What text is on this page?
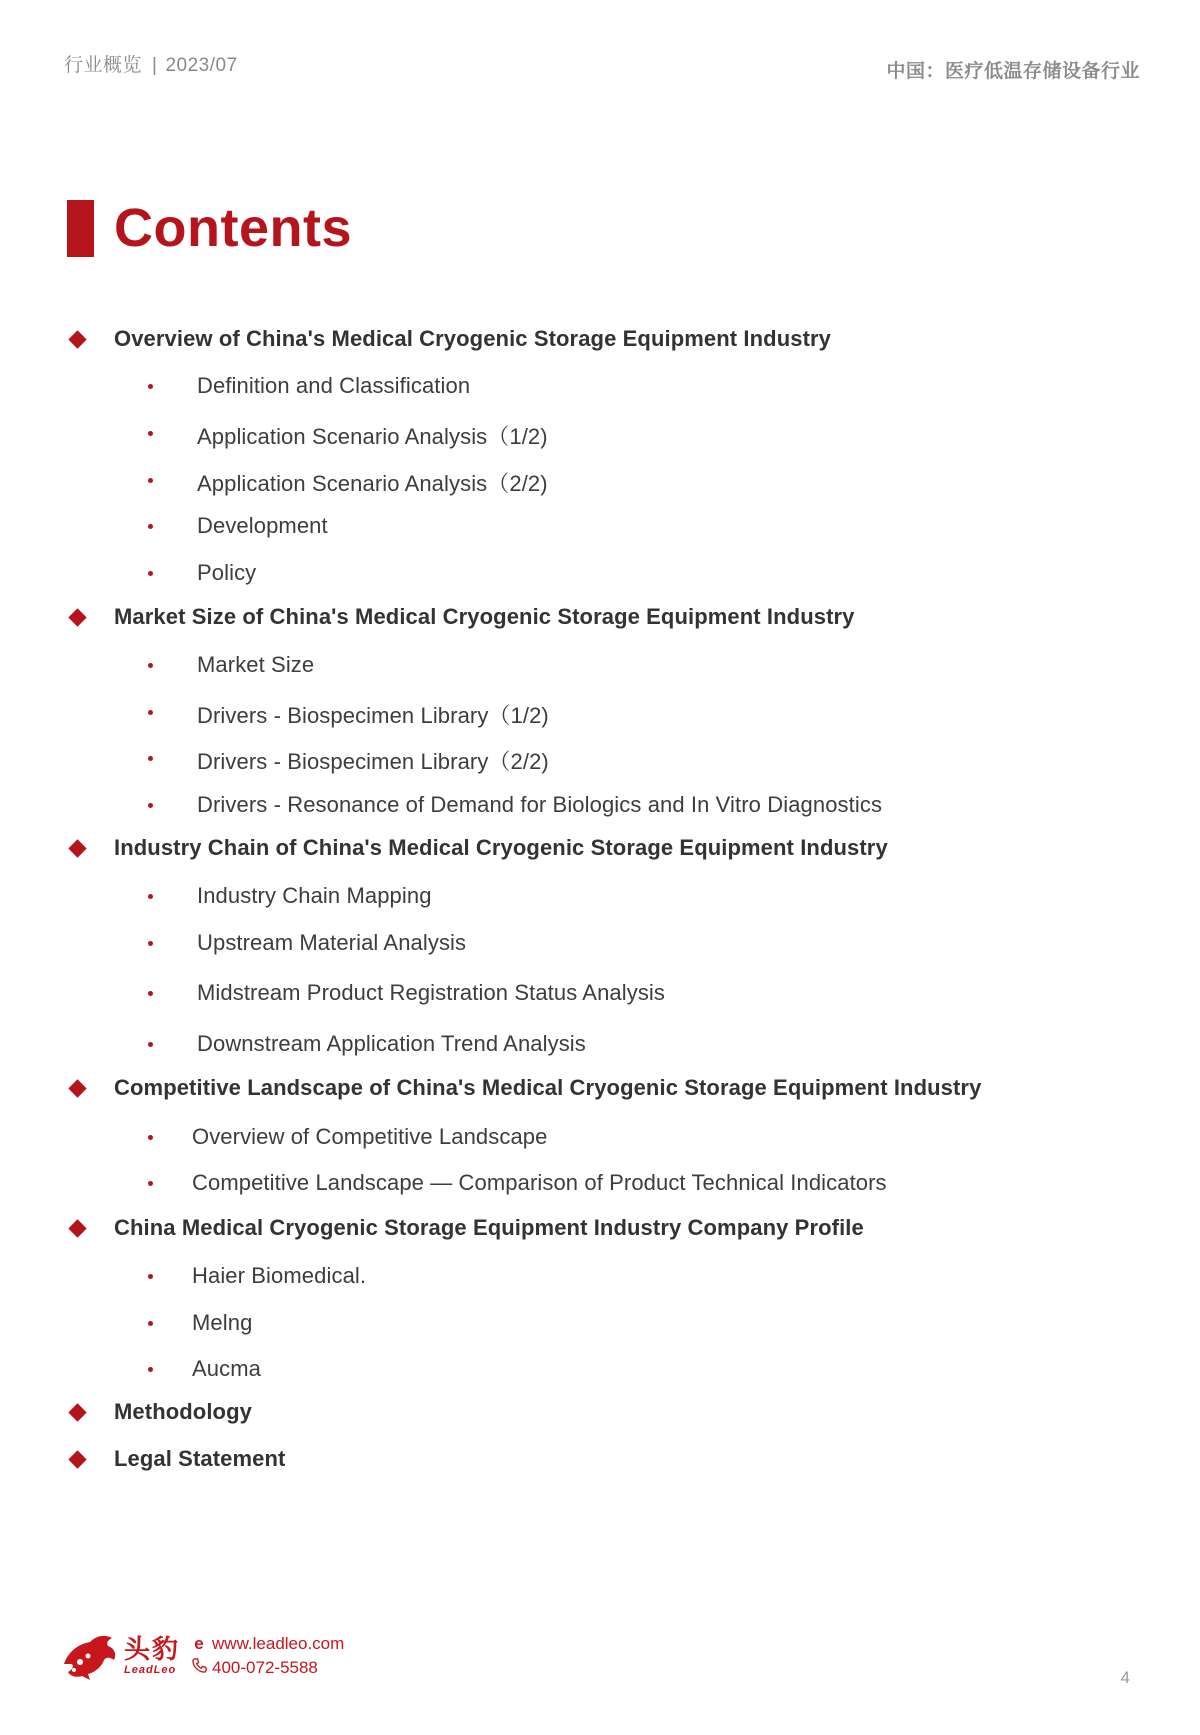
行业概览 | 2023/07	中国：医疗低温存储设备行业
Contents
Overview of China's Medical Cryogenic Storage Equipment Industry
Definition and Classification
Application Scenario Analysis（1/2)
Application Scenario Analysis（2/2)
Development
Policy
Market Size of China's Medical Cryogenic Storage Equipment Industry
Market Size
Drivers - Biospecimen Library（1/2)
Drivers - Biospecimen Library（2/2)
Drivers - Resonance of Demand for Biologics and In Vitro Diagnostics
Industry Chain of China's Medical Cryogenic Storage Equipment Industry
Industry Chain Mapping
Upstream Material Analysis
Midstream Product Registration Status Analysis
Downstream Application Trend Analysis
Competitive Landscape of China's Medical Cryogenic Storage Equipment Industry
Overview of Competitive Landscape
Competitive Landscape — Comparison of Product Technical Indicators
China Medical Cryogenic Storage Equipment Industry Company Profile
Haier Biomedical.
Melng
Aucma
Methodology
Legal Statement
头豹
LeadLeo
e www.leadleo.com
400-072-5588
4
